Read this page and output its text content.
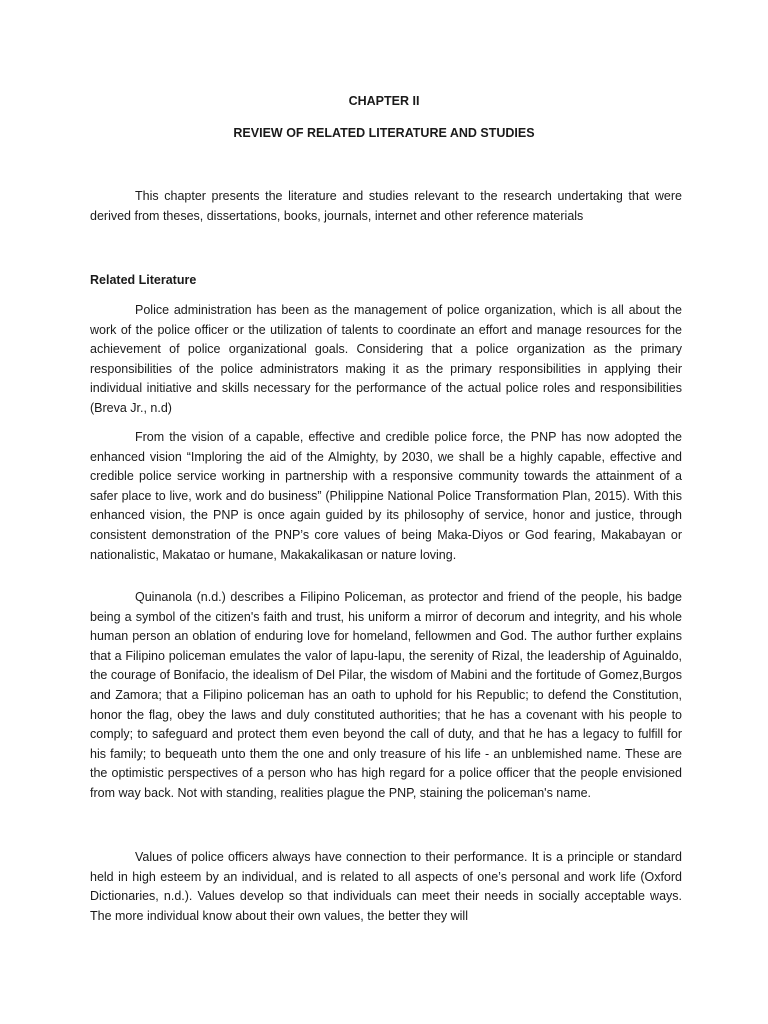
CHAPTER II
REVIEW OF RELATED LITERATURE AND STUDIES

This chapter presents the literature and studies relevant to the research undertaking that were derived from theses, dissertations, books, journals, internet and other reference materials

Related Literature

Police administration has been as the management of police organization, which is all about the work of the police officer or the utilization of talents to coordinate an effort and manage resources for the achievement of police organizational goals. Considering that a police organization as the primary responsibilities of the police administrators making it as the primary responsibilities in applying their individual initiative and skills necessary for the performance of the actual police roles and responsibilities (Breva Jr., n.d)

From the vision of a capable, effective and credible police force, the PNP has now adopted the enhanced vision “Imploring the aid of the Almighty, by 2030, we shall be a highly capable, effective and credible police service working in partnership with a responsive community towards the attainment of a safer place to live, work and do business” (Philippine National Police Transformation Plan, 2015). With this enhanced vision, the PNP is once again guided by its philosophy of service, honor and justice, through consistent demonstration of the PNP’s core values of being Maka-Diyos or God fearing, Makabayan or nationalistic, Makatao or humane, Makakalikasan or nature loving.

Quinanola (n.d.) describes a Filipino Policeman, as protector and friend of the people, his badge being a symbol of the citizen's faith and trust, his uniform a mirror of decorum and integrity, and his whole human person an oblation of enduring love for homeland, fellowmen and God. The author further explains that a Filipino policeman emulates the valor of lapu-lapu, the serenity of Rizal, the leadership of Aguinaldo, the courage of Bonifacio, the idealism of Del Pilar, the wisdom of Mabini and the fortitude of Gomez,Burgos and Zamora; that a Filipino policeman has an oath to uphold for his Republic; to defend the Constitution, honor the flag, obey the laws and duly constituted authorities; that he has a covenant with his people to comply; to safeguard and protect them even beyond the call of duty, and that he has a legacy to fulfill for his family; to bequeath unto them the one and only treasure of his life - an unblemished name. These are the optimistic perspectives of a person who has high regard for a police officer that the people envisioned from way back. Not with standing, realities plague the PNP, staining the policeman's name.

Values of police officers always have connection to their performance. It is a principle or standard held in high esteem by an individual, and is related to all aspects of one’s personal and work life (Oxford Dictionaries, n.d.). Values develop so that individuals can meet their needs in socially acceptable ways. The more individual know about their own values, the better they will
